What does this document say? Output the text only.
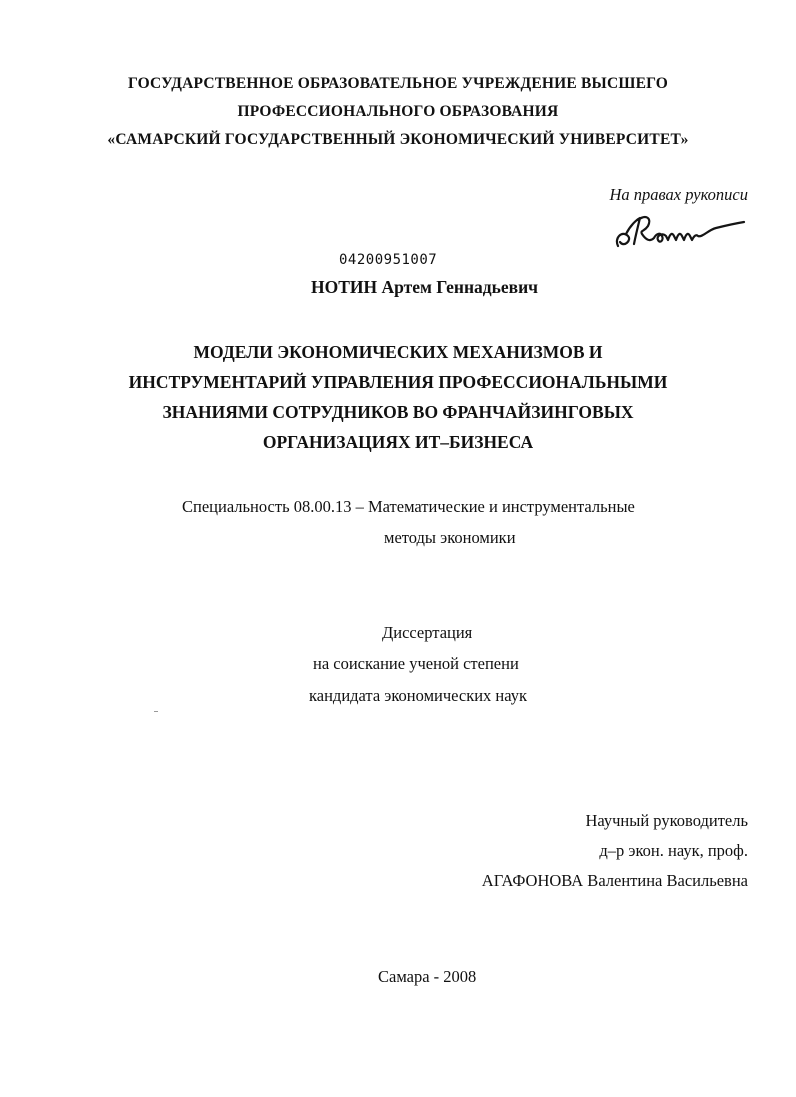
ГОСУДАРСТВЕННОЕ ОБРАЗОВАТЕЛЬНОЕ УЧРЕЖДЕНИЕ ВЫСШЕГО
ПРОФЕССИОНАЛЬНОГО ОБРАЗОВАНИЯ
«САМАРСКИЙ ГОСУДАРСТВЕННЫЙ ЭКОНОМИЧЕСКИЙ УНИВЕРСИТЕТ»
На правах рукописи
04200951007
НОТИН Артем Геннадьевич
МОДЕЛИ ЭКОНОМИЧЕСКИХ МЕХАНИЗМОВ И
ИНСТРУМЕНТАРИЙ УПРАВЛЕНИЯ ПРОФЕССИОНАЛЬНЫМИ
ЗНАНИЯМИ СОТРУДНИКОВ ВО ФРАНЧАЙЗИНГОВЫХ
ОРГАНИЗАЦИЯХ ИТ–БИЗНЕСА
Специальность 08.00.13 – Математические и инструментальные
методы экономики
Диссертация
на соискание ученой степени
кандидата экономических наук
Научный руководитель
д–р экон. наук, проф.
АГАФОНОВА Валентина Васильевна
Самара - 2008
